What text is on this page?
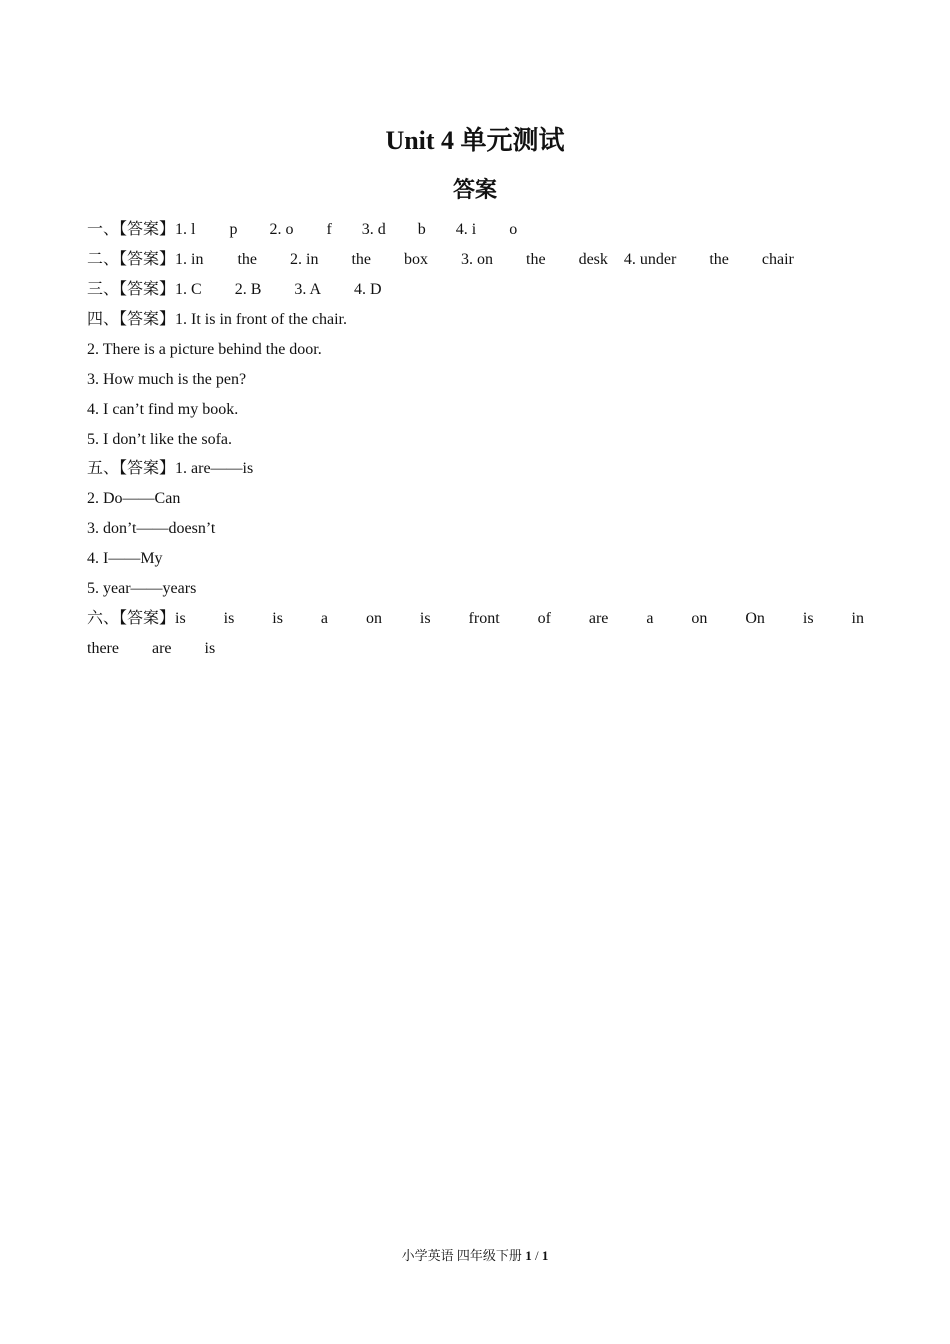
Unit 4 单元测试
答案
一、【答案】 1. l p 2. o f 3. d b 4. i o
二、【答案】 1. in the 2. in the box 3. on the desk 4. under the chair
三、【答案】 1. C 2. B 3. A 4. D
四、【答案】 1. It is in front of the chair.
2. There is a picture behind the door.
3. How much is the pen?
4. I can’t find my book.
5. I don’t like the sofa.
五、【答案】 1. are——is
2. Do——Can
3. don’t——doesn’t
4. I——My
5. year——years
六、【答案】 is is is a on is front of are a on On is in
there are is
小学英语 四年级下册 1 / 1
